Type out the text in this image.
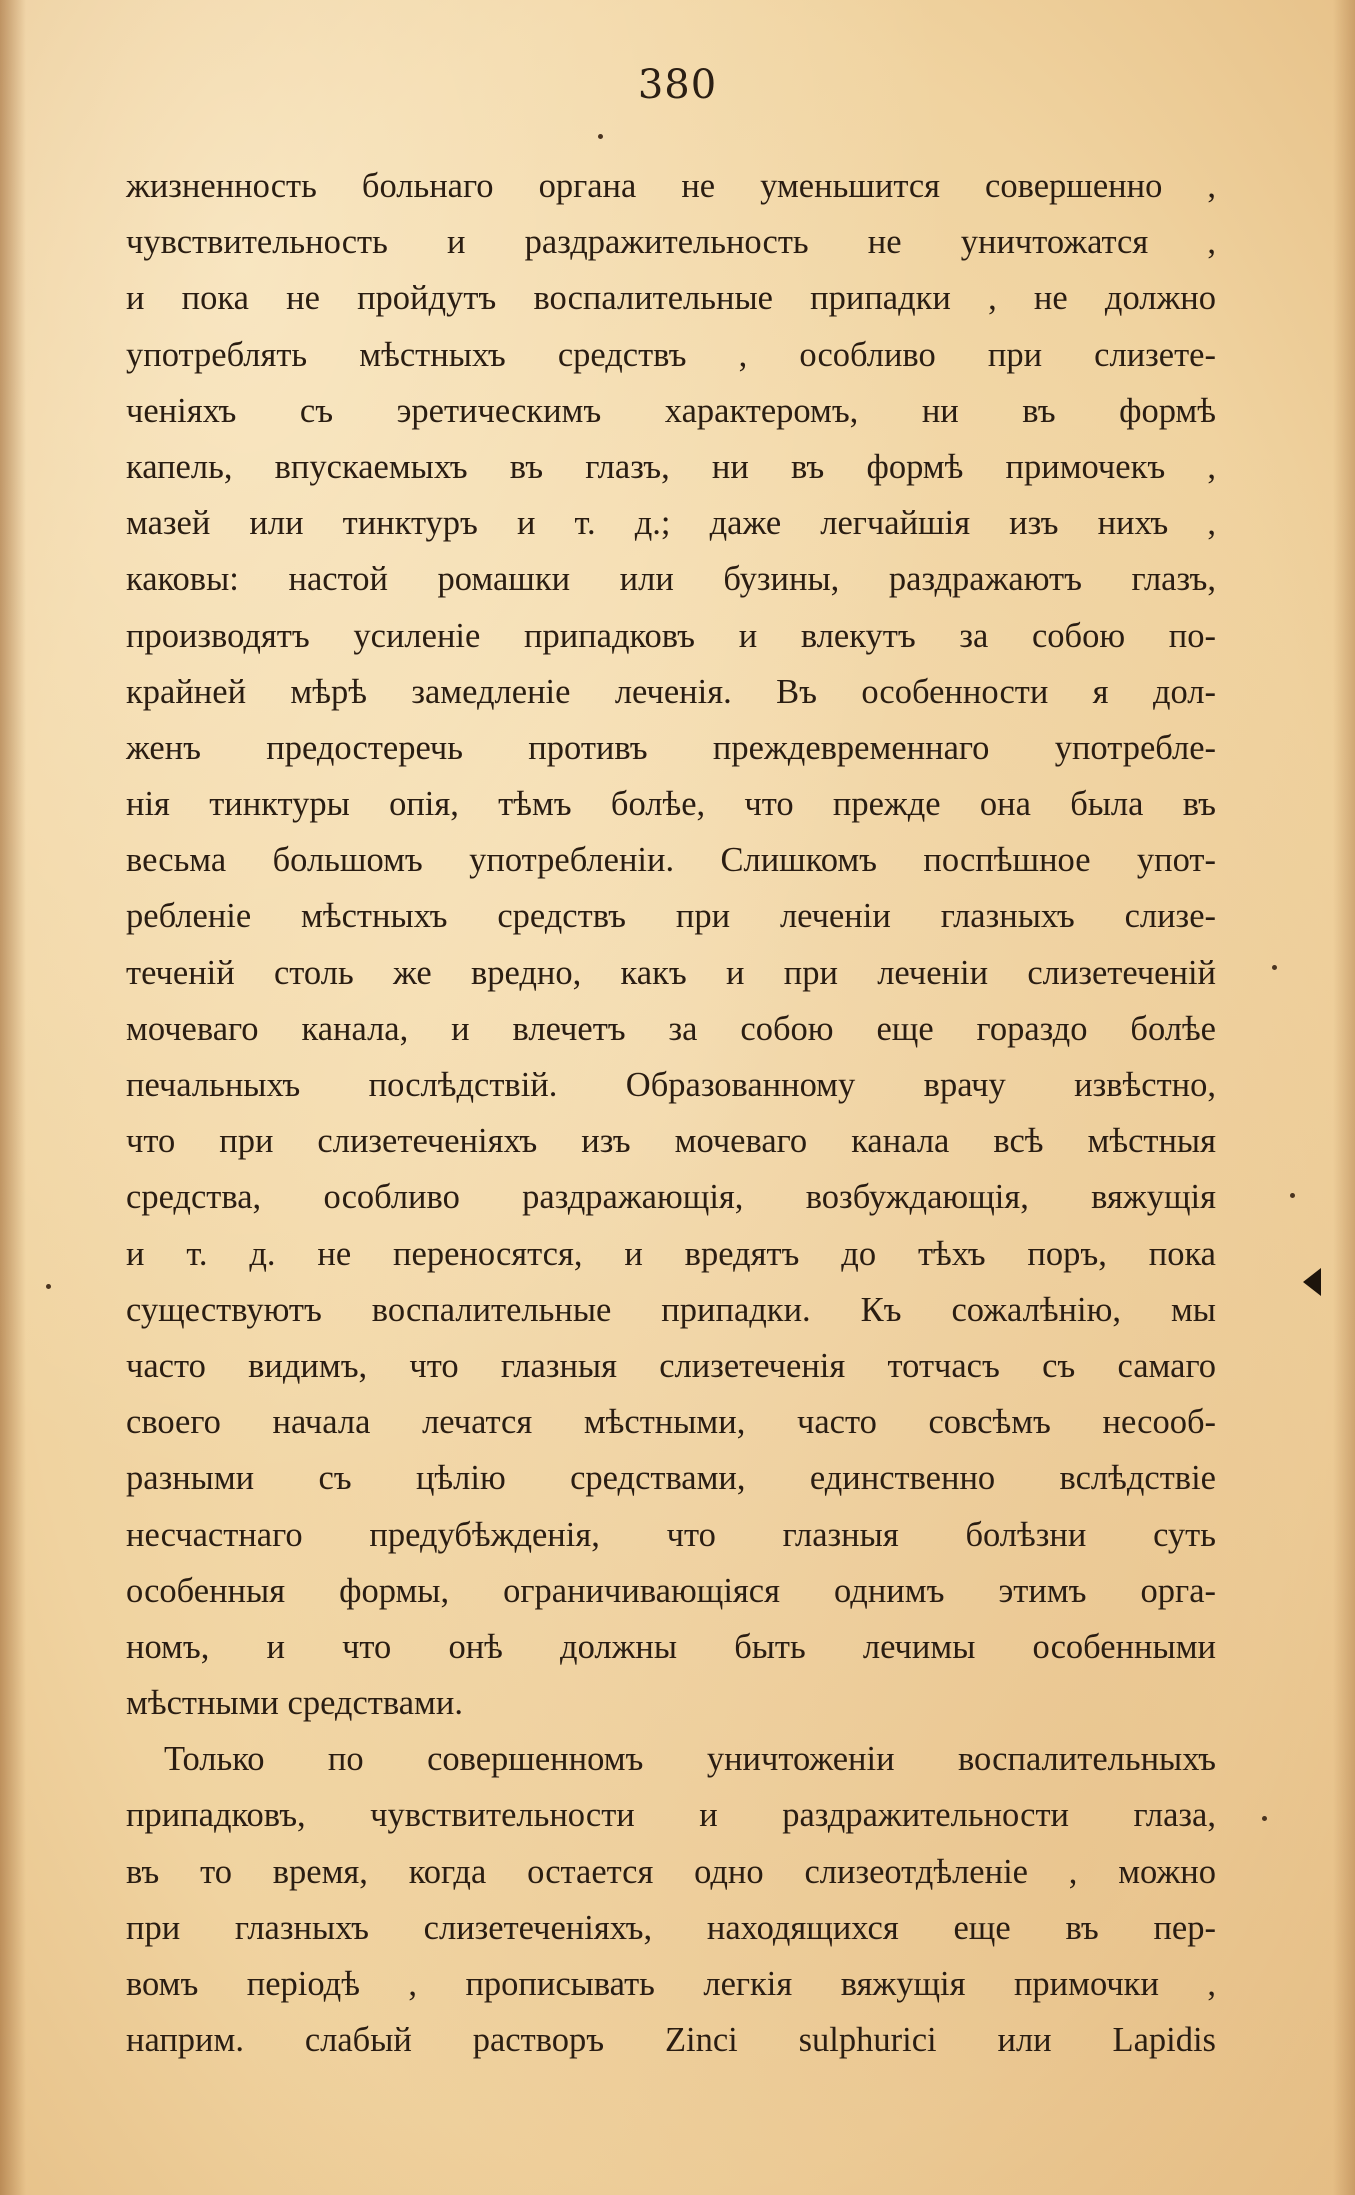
380
жизненность больнаго органа не уменьшится совершенно ,
чувствительность и раздражительность не уничтожатся ,
и пока не пройдутъ воспалительные припадки , не должно
употреблять мѣстныхъ средствъ , особливо при слизете-
ченіяхъ съ эретическимъ характеромъ, ни въ формѣ
капель, впускаемыхъ въ глазъ, ни въ формѣ примочекъ ,
мазей или тинктуръ и т. д.; даже легчайшія изъ нихъ ,
каковы: настой ромашки или бузины, раздражаютъ глазъ,
производятъ усиленіе припадковъ и влекутъ за собою по-
крайней мѣрѣ замедленіе леченія. Въ особенности я дол-
женъ предостеречь противъ преждевременнаго употребле-
нія тинктуры опія, тѣмъ болѣе, что прежде она была въ
весьма большомъ употребленіи. Слишкомъ поспѣшное упот-
ребленіе мѣстныхъ средствъ при леченіи глазныхъ слизе-
теченій столь же вредно, какъ и при леченіи слизетеченій
мочеваго канала, и влечетъ за собою еще гораздо болѣе
печальныхъ послѣдствій. Образованному врачу извѣстно,
что при слизетеченіяхъ изъ мочеваго канала всѣ мѣстныя
средства, особливо раздражающія, возбуждающія, вяжущія
и т. д. не переносятся, и вредятъ до тѣхъ поръ, пока
существуютъ воспалительные припадки. Къ сожалѣнію, мы
часто видимъ, что глазныя слизетеченія тотчасъ съ самаго
своего начала лечатся мѣстными, часто совсѣмъ несооб-
разными съ цѣлію средствами, единственно вслѣдствіе
несчастнаго предубѣжденія, что глазныя болѣзни суть
особенныя формы, ограничивающіяся однимъ этимъ орга-
номъ, и что онѣ должны быть лечимы особенными
мѣстными средствами.
Только по совершенномъ уничтоженіи воспалительныхъ
припадковъ, чувствительности и раздражительности глаза,
въ то время, когда остается одно слизеотдѣленіе , можно
при глазныхъ слизетеченіяхъ, находящихся еще въ пер-
вомъ періодѣ , прописывать легкія вяжущія примочки ,
наприм. слабый растворъ Zinci sulphurici или Lapidis
